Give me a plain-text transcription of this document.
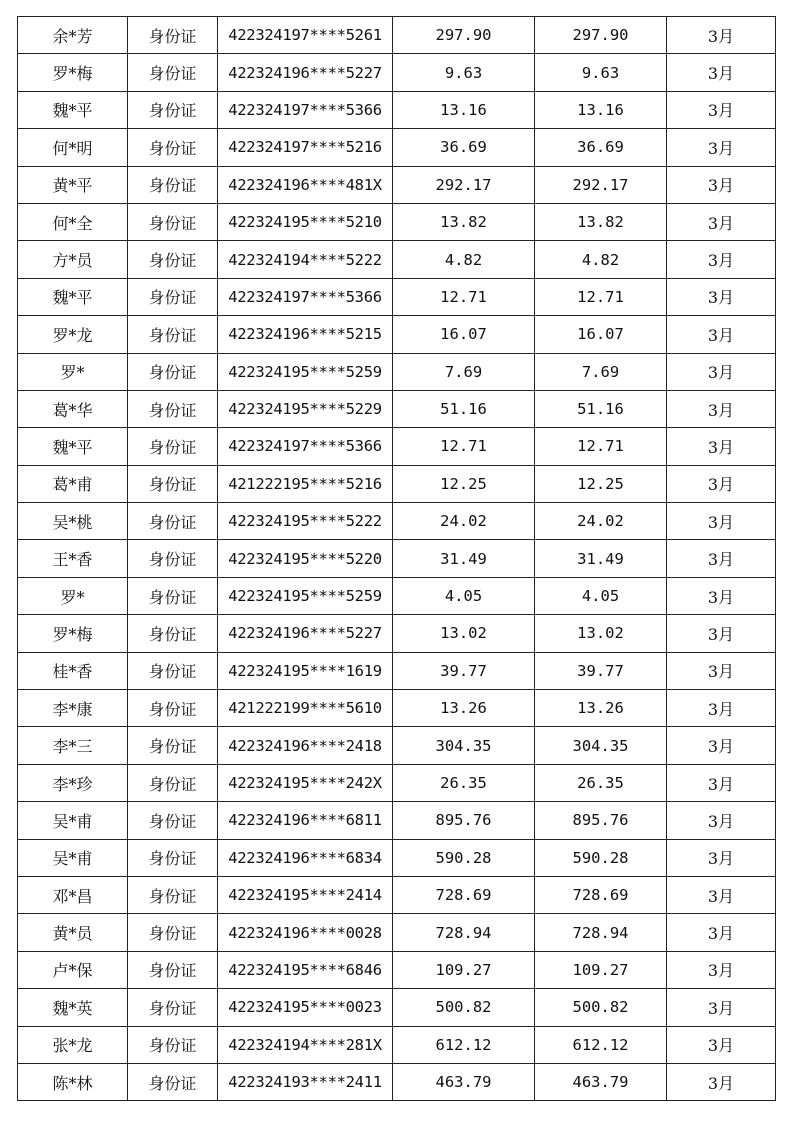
余*芳	身份证	422324197****5261	297.90	297.90	3月
罗*梅	身份证	422324196****5227	9.63	9.63	3月
魏*平	身份证	422324197****5366	13.16	13.16	3月
何*明	身份证	422324197****5216	36.69	36.69	3月
黄*平	身份证	422324196****481X	292.17	292.17	3月
何*全	身份证	422324195****5210	13.82	13.82	3月
方*员	身份证	422324194****5222	4.82	4.82	3月
魏*平	身份证	422324197****5366	12.71	12.71	3月
罗*龙	身份证	422324196****5215	16.07	16.07	3月
罗*	身份证	422324195****5259	7.69	7.69	3月
葛*华	身份证	422324195****5229	51.16	51.16	3月
魏*平	身份证	422324197****5366	12.71	12.71	3月
葛*甫	身份证	421222195****5216	12.25	12.25	3月
吴*桃	身份证	422324195****5222	24.02	24.02	3月
王*香	身份证	422324195****5220	31.49	31.49	3月
罗*	身份证	422324195****5259	4.05	4.05	3月
罗*梅	身份证	422324196****5227	13.02	13.02	3月
桂*香	身份证	422324195****1619	39.77	39.77	3月
李*康	身份证	421222199****5610	13.26	13.26	3月
李*三	身份证	422324196****2418	304.35	304.35	3月
李*珍	身份证	422324195****242X	26.35	26.35	3月
吴*甫	身份证	422324196****6811	895.76	895.76	3月
吴*甫	身份证	422324196****6834	590.28	590.28	3月
邓*昌	身份证	422324195****2414	728.69	728.69	3月
黄*员	身份证	422324196****0028	728.94	728.94	3月
卢*保	身份证	422324195****6846	109.27	109.27	3月
魏*英	身份证	422324195****0023	500.82	500.82	3月
张*龙	身份证	422324194****281X	612.12	612.12	3月
陈*林	身份证	422324193****2411	463.79	463.79	3月
